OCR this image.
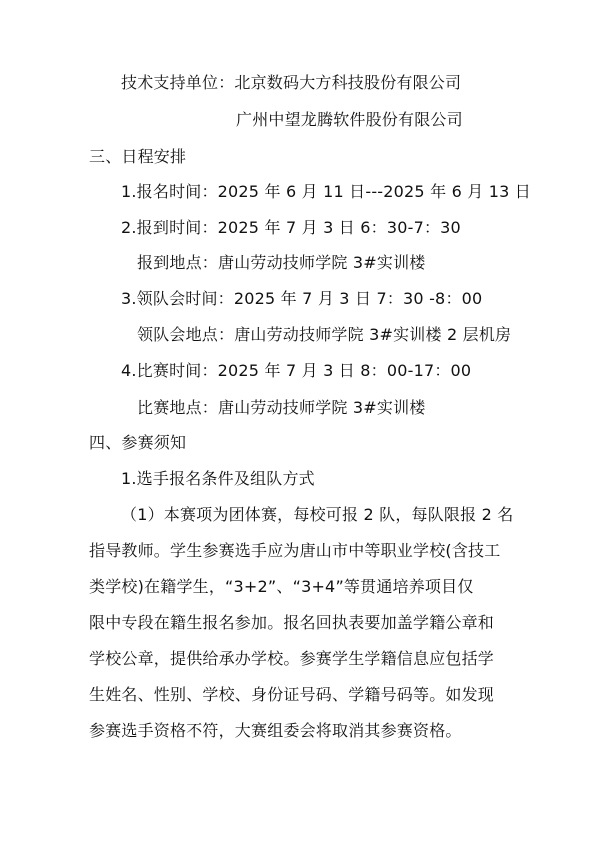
技术支持单位：北京数码大方科技股份有限公司
广州中望龙腾软件股份有限公司
三、日程安排
1.报名时间：2025 年 6 月 11 日---2025 年 6 月 13 日
2.报到时间：2025 年 7 月 3 日 6：30-7：30
报到地点：唐山劳动技师学院 3#实训楼
3.领队会时间：2025 年 7 月 3 日 7：30 -8：00
领队会地点：唐山劳动技师学院 3#实训楼 2 层机房
4.比赛时间：2025 年 7 月 3 日 8：00-17：00
比赛地点：唐山劳动技师学院 3#实训楼
四、参赛须知
1.选手报名条件及组队方式
（1）本赛项为团体赛，每校可报 2 队，每队限报 2 名
指导教师。学生参赛选手应为唐山市中等职业学校(含技工
类学校)在籍学生，“3+2”、“3+4”等贯通培养项目仅
限中专段在籍生报名参加。报名回执表要加盖学籍公章和
学校公章，提供给承办学校。参赛学生学籍信息应包括学
生姓名、性别、学校、身份证号码、学籍号码等。如发现
参赛选手资格不符，大赛组委会将取消其参赛资格。
